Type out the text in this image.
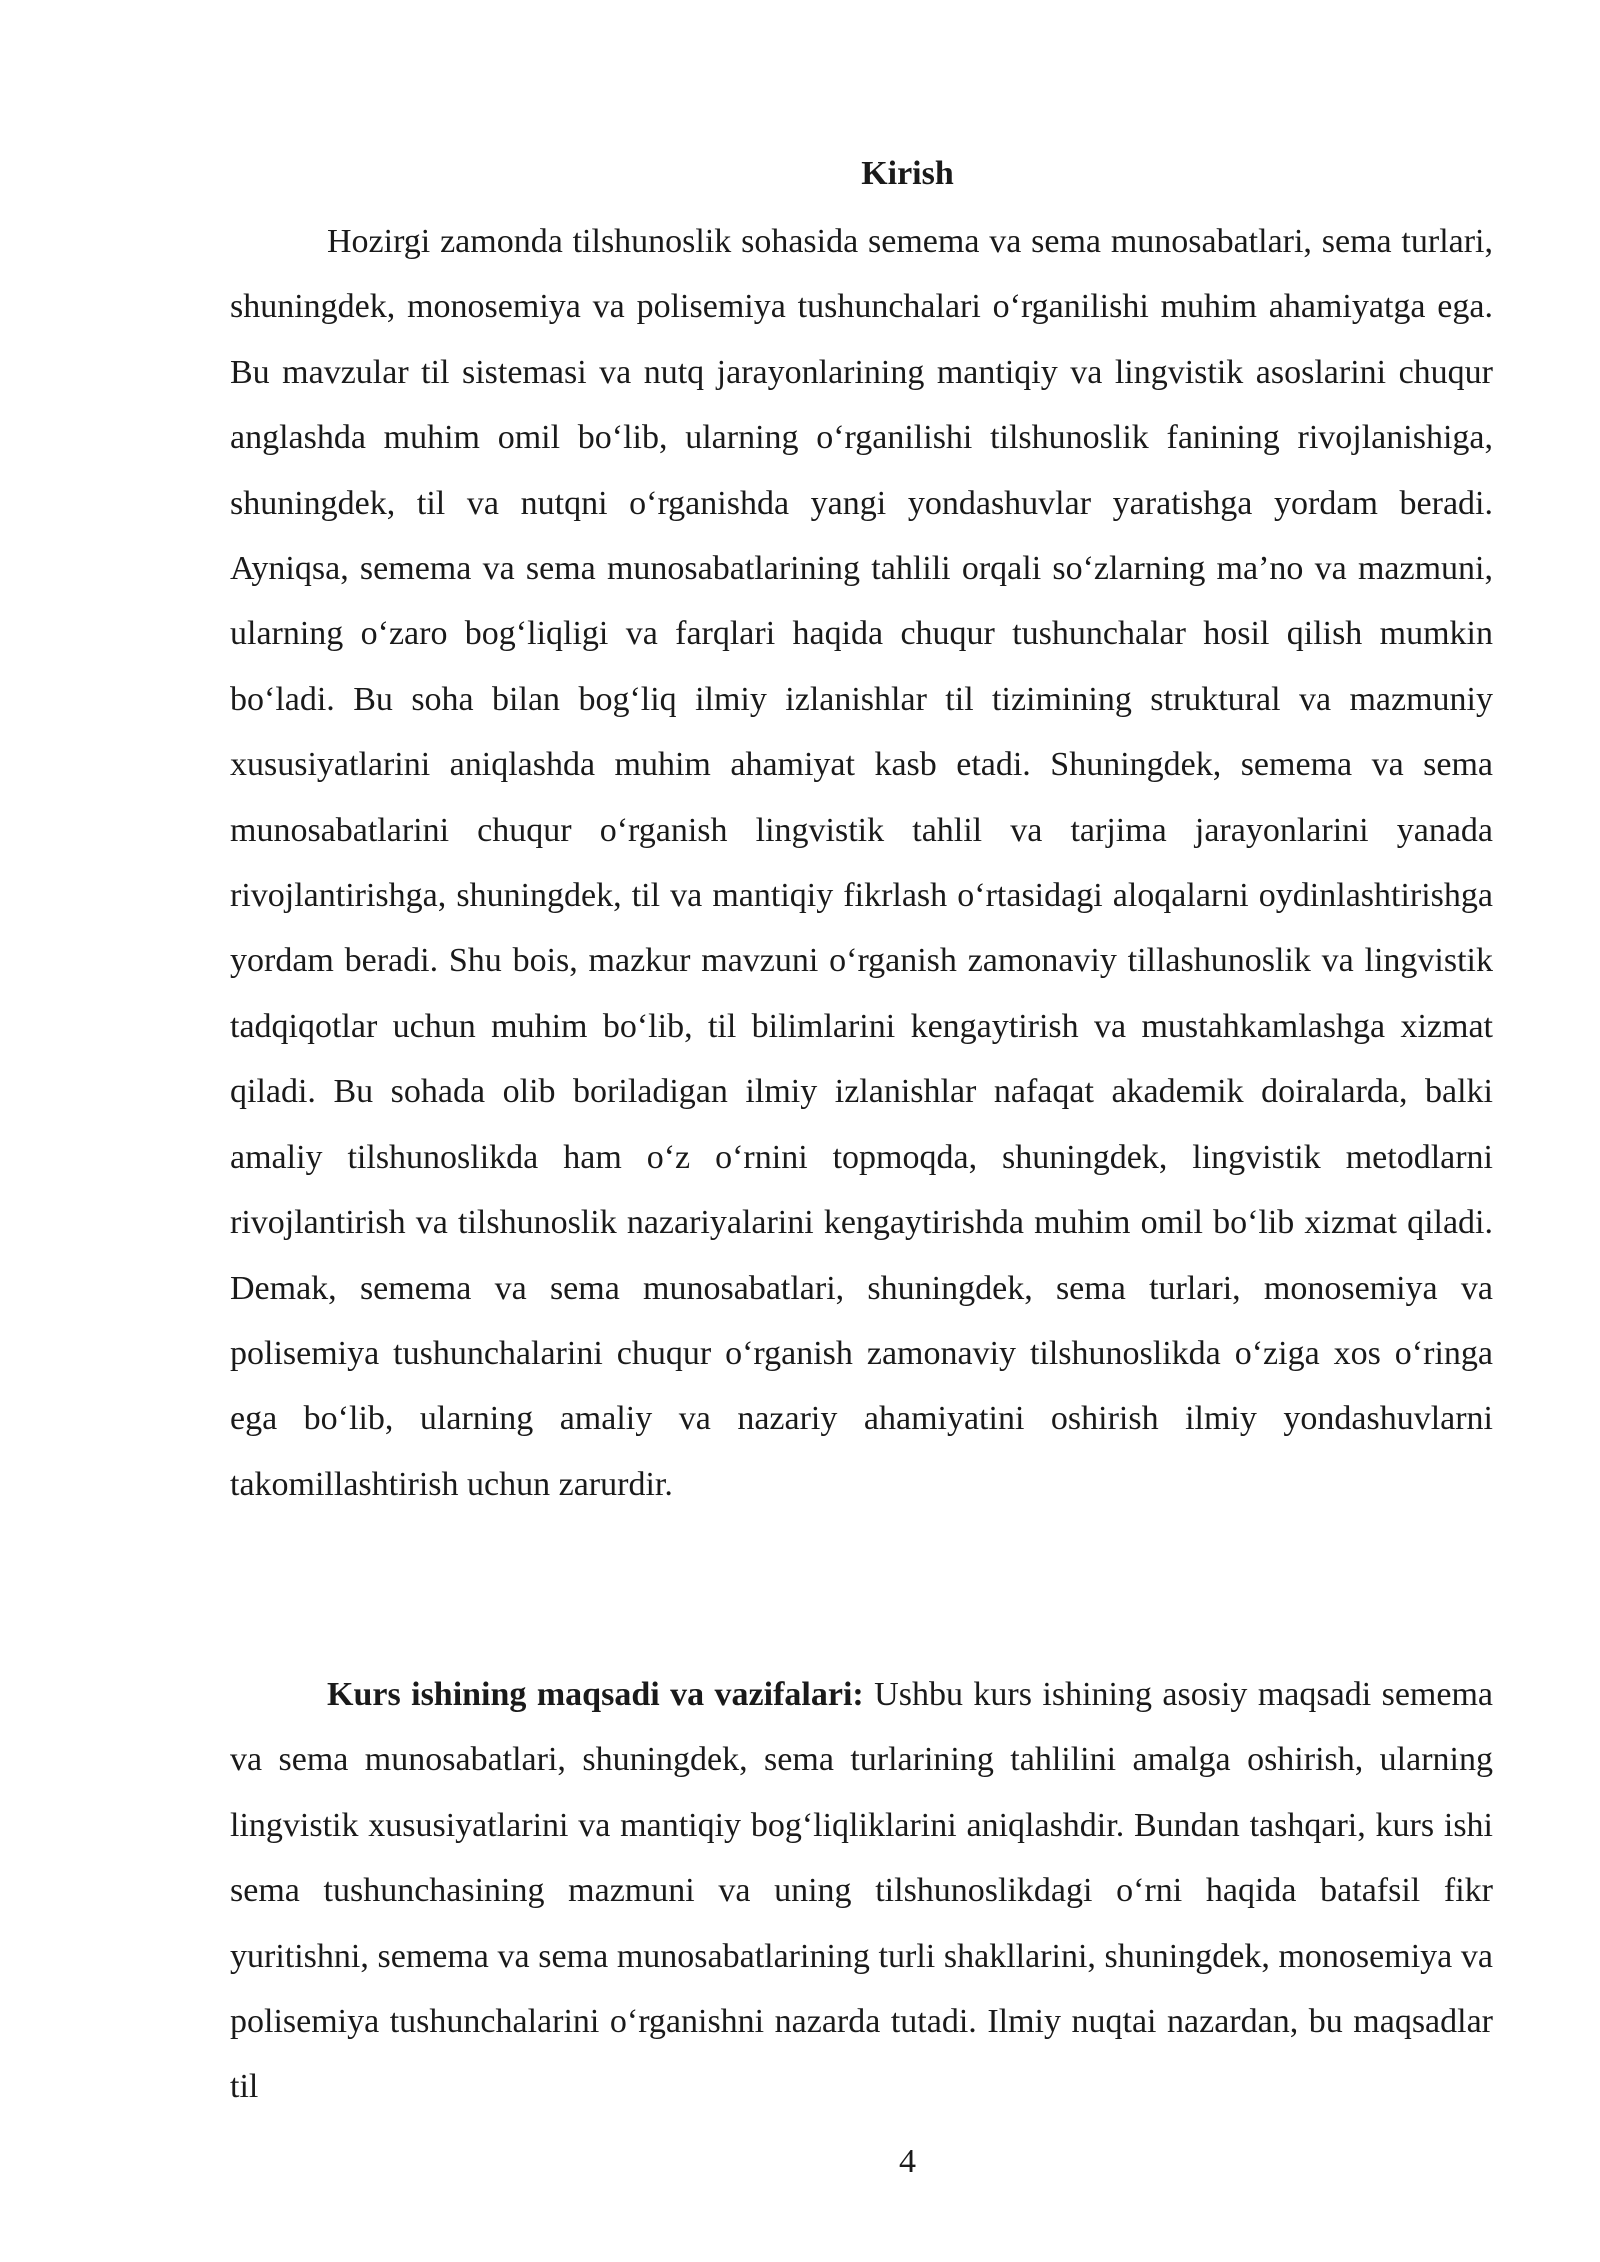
Kirish

Hozirgi zamonda tilshunoslik sohasida semema va sema munosabatlari, sema turlari, shuningdek, monosemiya va polisemiya tushunchalari o‘rganilishi muhim ahamiyatga ega. Bu mavzular til sistemasi va nutq jarayonlarining mantiqiy va lingvistik asoslarini chuqur anglashda muhim omil bo‘lib, ularning o‘rganilishi tilshunoslik fanining rivojlanishiga, shuningdek, til va nutqni o‘rganishda yangi yondashuvlar yaratishga yordam beradi. Ayniqsa, semema va sema munosabatlarining tahlili orqali so‘zlarning ma’no va mazmuni, ularning o‘zaro bog‘liqligi va farqlari haqida chuqur tushunchalar hosil qilish mumkin bo‘ladi. Bu soha bilan bog‘liq ilmiy izlanishlar til tizimining struktural va mazmuniy xususiyatlarini aniqlashda muhim ahamiyat kasb etadi. Shuningdek, semema va sema munosabatlarini chuqur o‘rganish lingvistik tahlil va tarjima jarayonlarini yanada rivojlantirishga, shuningdek, til va mantiqiy fikrlash o‘rtasidagi aloqalarni oydinlashtirishga yordam beradi. Shu bois, mazkur mavzuni o‘rganish zamonaviy tillashunoslik va lingvistik tadqiqotlar uchun muhim bo‘lib, til bilimlarini kengaytirish va mustahkamlashga xizmat qiladi. Bu sohada olib boriladigan ilmiy izlanishlar nafaqat akademik doiralarda, balki amaliy tilshunoslikda ham o‘z o‘rnini topmoqda, shuningdek, lingvistik metodlarni rivojlantirish va tilshunoslik nazariyalarini kengaytirishda muhim omil bo‘lib xizmat qiladi. Demak, semema va sema munosabatlari, shuningdek, sema turlari, monosemiya va polisemiya tushunchalarini chuqur o‘rganish zamonaviy tilshunoslikda o‘ziga xos o‘ringa ega bo‘lib, ularning amaliy va nazariy ahamiyatini oshirish ilmiy yondashuvlarni takomillashtirish uchun zarurdir.

Kurs ishining maqsadi va vazifalari: Ushbu kurs ishining asosiy maqsadi semema va sema munosabatlari, shuningdek, sema turlarining tahlilini amalga oshirish, ularning lingvistik xususiyatlarini va mantiqiy bog‘liqliklarini aniqlashdir. Bundan tashqari, kurs ishi sema tushunchasining mazmuni va uning tilshunoslikdagi o‘rni haqida batafsil fikr yuritishni, semema va sema munosabatlarining turli shakllarini, shuningdek, monosemiya va polisemiya tushunchalarini o‘rganishni nazarda tutadi. Ilmiy nuqtai nazardan, bu maqsadlar til

4
